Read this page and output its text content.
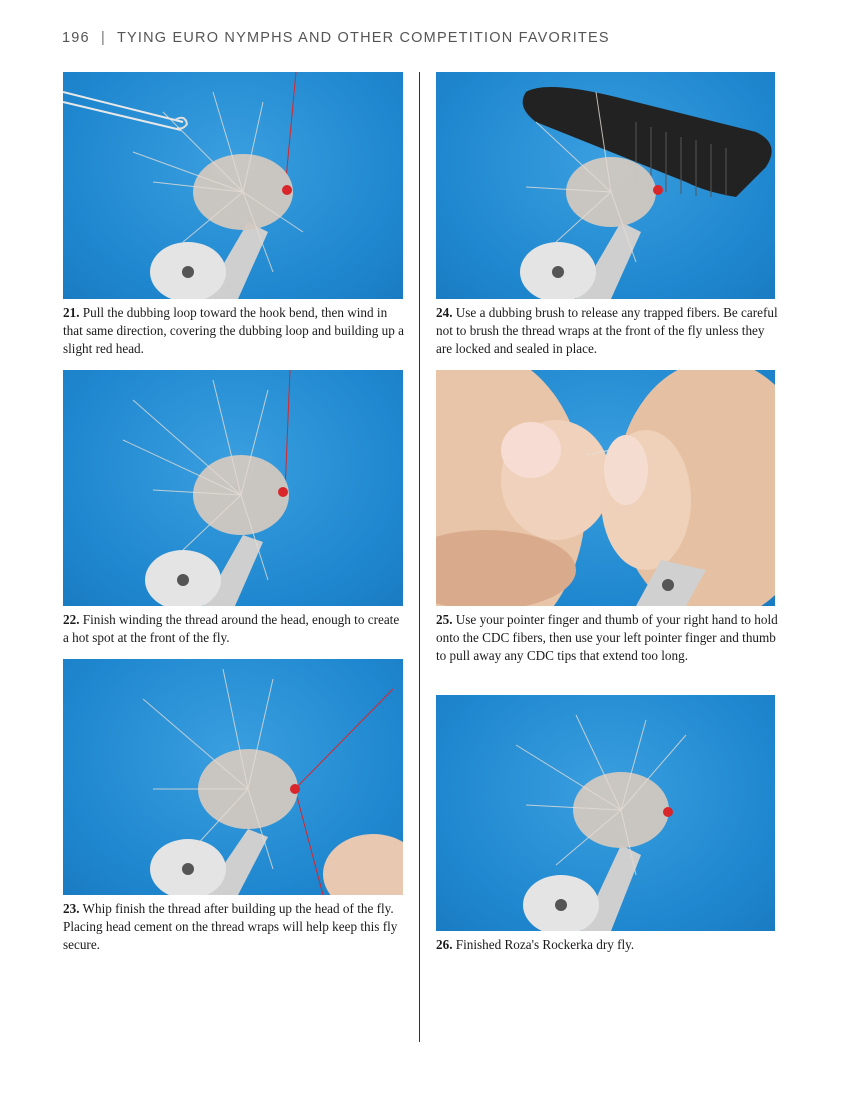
196 | TYING EURO NYMPHS AND OTHER COMPETITION FAVORITES

21. Pull the dubbing loop toward the hook bend, then wind in that same direction, covering the dubbing loop and building up a slight red head.

22. Finish winding the thread around the head, enough to create a hot spot at the front of the fly.

23. Whip finish the thread after building up the head of the fly. Placing head cement on the thread wraps will help keep this fly secure.

24. Use a dubbing brush to release any trapped fibers. Be careful not to brush the thread wraps at the front of the fly unless they are locked and sealed in place.

25. Use your pointer finger and thumb of your right hand to hold onto the CDC fibers, then use your left pointer finger and thumb to pull away any CDC tips that extend too long.

26. Finished Roza's Rockerka dry fly.
